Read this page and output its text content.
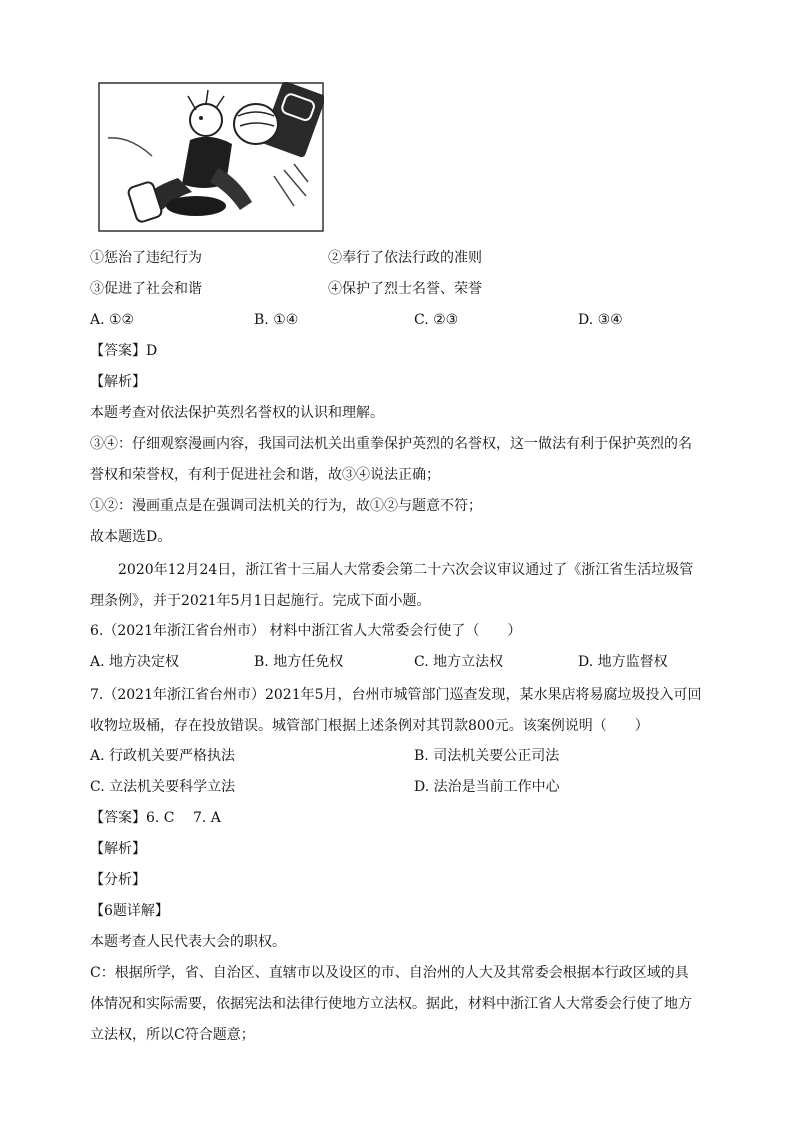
①惩治了违纪行为	②奉行了依法行政的准则
③促进了社会和谐	④保护了烈士名誉、荣誉
A. ①②	B. ①④	C. ②③	D. ③④
【答案】D
【解析】
本题考查对依法保护英烈名誉权的认识和理解。
③④：仔细观察漫画内容，我国司法机关出重拳保护英烈的名誉权，这一做法有利于保护英烈的名誉权和荣誉权，有利于促进社会和谐，故③④说法正确；
①②：漫画重点是在强调司法机关的行为，故①②与题意不符；
故本题选D。
2020年12月24日，浙江省十三届人大常委会第二十六次会议审议通过了《浙江省生活垃圾管理条例》，并于2021年5月1日起施行。完成下面小题。
6.（2021年浙江省台州市） 材料中浙江省人大常委会行使了（　　）
A. 地方决定权	B. 地方任免权	C. 地方立法权	D. 地方监督权
7.（2021年浙江省台州市）2021年5月，台州市城管部门巡查发现，某水果店将易腐垃圾投入可回收物垃圾桶，存在投放错误。城管部门根据上述条例对其罚款800元。该案例说明（　　）
A. 行政机关要严格执法	B. 司法机关要公正司法
C. 立法机关要科学立法	D. 法治是当前工作中心
【答案】6. C　 7. A
【解析】
【分析】
【6题详解】
本题考查人民代表大会的职权。
C：根据所学，省、自治区、直辖市以及设区的市、自治州的人大及其常委会根据本行政区域的具体情况和实际需要，依据宪法和法律行使地方立法权。据此，材料中浙江省人大常委会行使了地方立法权，所以C符合题意；
